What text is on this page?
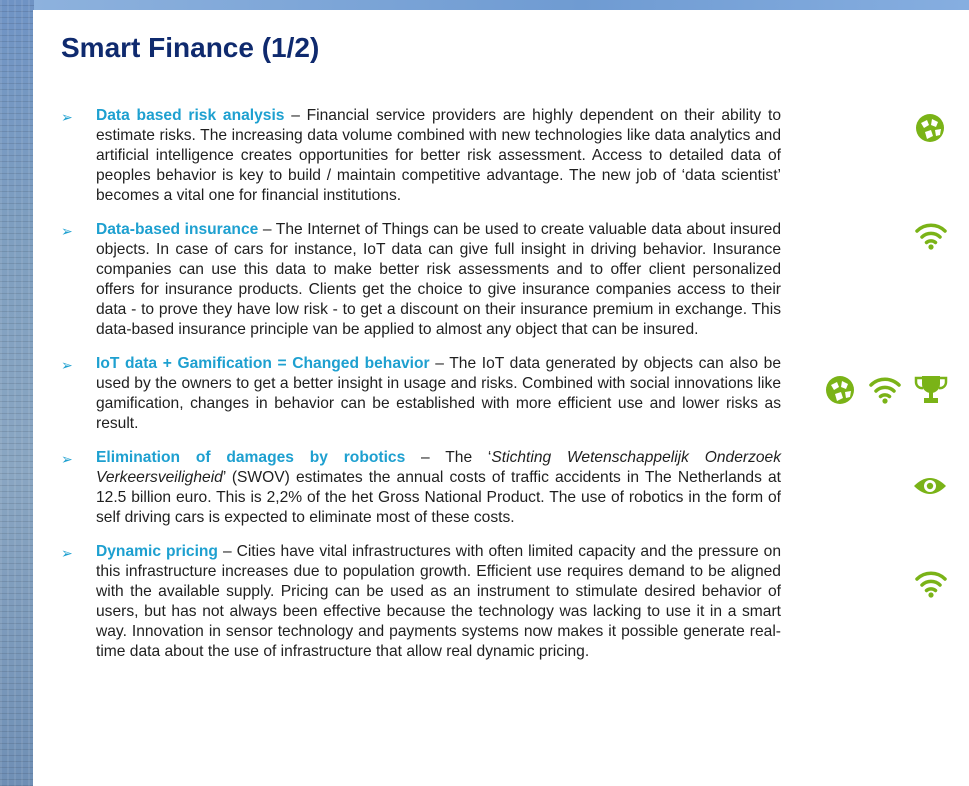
Smart Finance (1/2)
➢ Data based risk analysis – Financial service providers are highly dependent on their ability to estimate risks. The increasing data volume combined with new technologies like data analytics and artificial intelligence creates opportunities for better risk assessment. Access to detailed data of peoples behavior is key to build / maintain competitive advantage. The new job of ‘data scientist’ becomes a vital one for financial institutions.

➢ Data-based insurance – The Internet of Things can be used to create valuable data about insured objects. In case of cars for instance, IoT data can give full insight in driving behavior. Insurance companies can use this data to make better risk assessments and to offer client personalized offers for insurance products. Clients get the choice to give insurance companies access to their data - to prove they have low risk - to get a discount on their insurance premium in exchange. This data-based insurance principle van be applied to almost any object that can be insured.

➢ IoT data + Gamification = Changed behavior – The IoT data generated by objects can also be used by the owners to get a better insight in usage and risks. Combined with social innovations like gamification, changes in behavior can be established with more efficient use and lower risks as result.

➢ Elimination of damages by robotics – The ‘Stichting Wetenschappelijk Onderzoek Verkeersveiligheid’ (SWOV) estimates the annual costs of traffic accidents in The Netherlands at 12.5 billion euro. This is 2,2% of the het Gross National Product. The use of robotics in the form of self driving cars is expected to eliminate most of these costs.

➢ Dynamic pricing – Cities have vital infrastructures with often limited capacity and the pressure on this infrastructure increases due to population growth. Efficient use requires demand to be aligned with the available supply. Pricing can be used as an instrument to stimulate desired behavior of users, but has not always been effective because the technology was lacking to use it in a smart way. Innovation in sensor technology and payments systems now makes it possible generate real-time data about the use of infrastructure that allow real dynamic pricing.
